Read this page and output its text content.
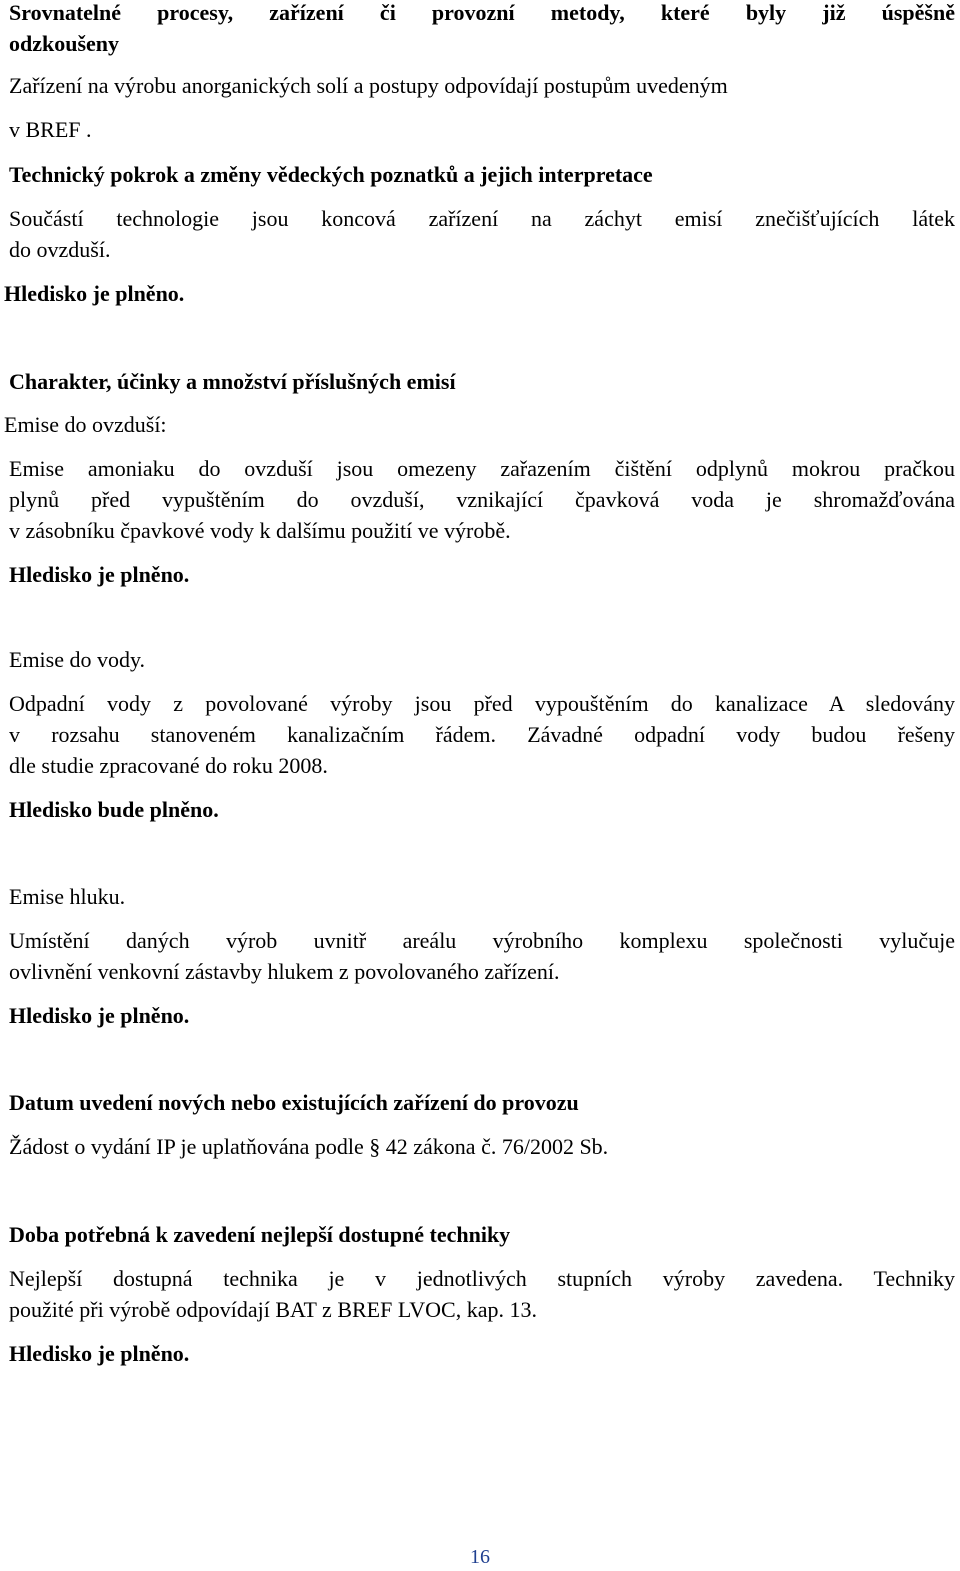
Srovnatelné procesy, zařízení či provozní metody, které byly již úspěšně

odzkoušeny

Zařízení na výrobu anorganických solí a postupy odpovídají postupům uvedeným

v BREF .

Technický pokrok a změny vědeckých poznatků a jejich interpretace

Součástí technologie jsou koncová zařízení na záchyt emisí znečišťujících látek

do ovzduší.

Hledisko je plněno.

Charakter, účinky a množství příslušných emisí

Emise do ovzduší:

Emise amoniaku do ovzduší jsou omezeny zařazením čištění odplynů mokrou pračkou

plynů před vypuštěním do ovzduší, vznikající čpavková voda je shromažďována

v zásobníku čpavkové vody k dalšímu použití ve výrobě.

Hledisko je plněno.

Emise do vody.

Odpadní vody z povolované výroby jsou před vypouštěním do kanalizace A sledovány

v rozsahu stanoveném kanalizačním řádem. Závadné odpadní vody budou řešeny

dle studie zpracované do roku 2008.

Hledisko bude plněno.

Emise hluku.

Umístění daných výrob uvnitř areálu výrobního komplexu společnosti vylučuje

ovlivnění venkovní zástavby hlukem z povolovaného zařízení.

Hledisko je plněno.

Datum uvedení nových nebo existujících zařízení do provozu

Žádost o vydání IP je uplatňována podle § 42 zákona č. 76/2002 Sb.

Doba potřebná k zavedení nejlepší dostupné techniky

Nejlepší dostupná technika je v jednotlivých stupních výroby zavedena. Techniky

použité při výrobě odpovídají BAT z BREF LVOC, kap. 13.

Hledisko je plněno.

16
